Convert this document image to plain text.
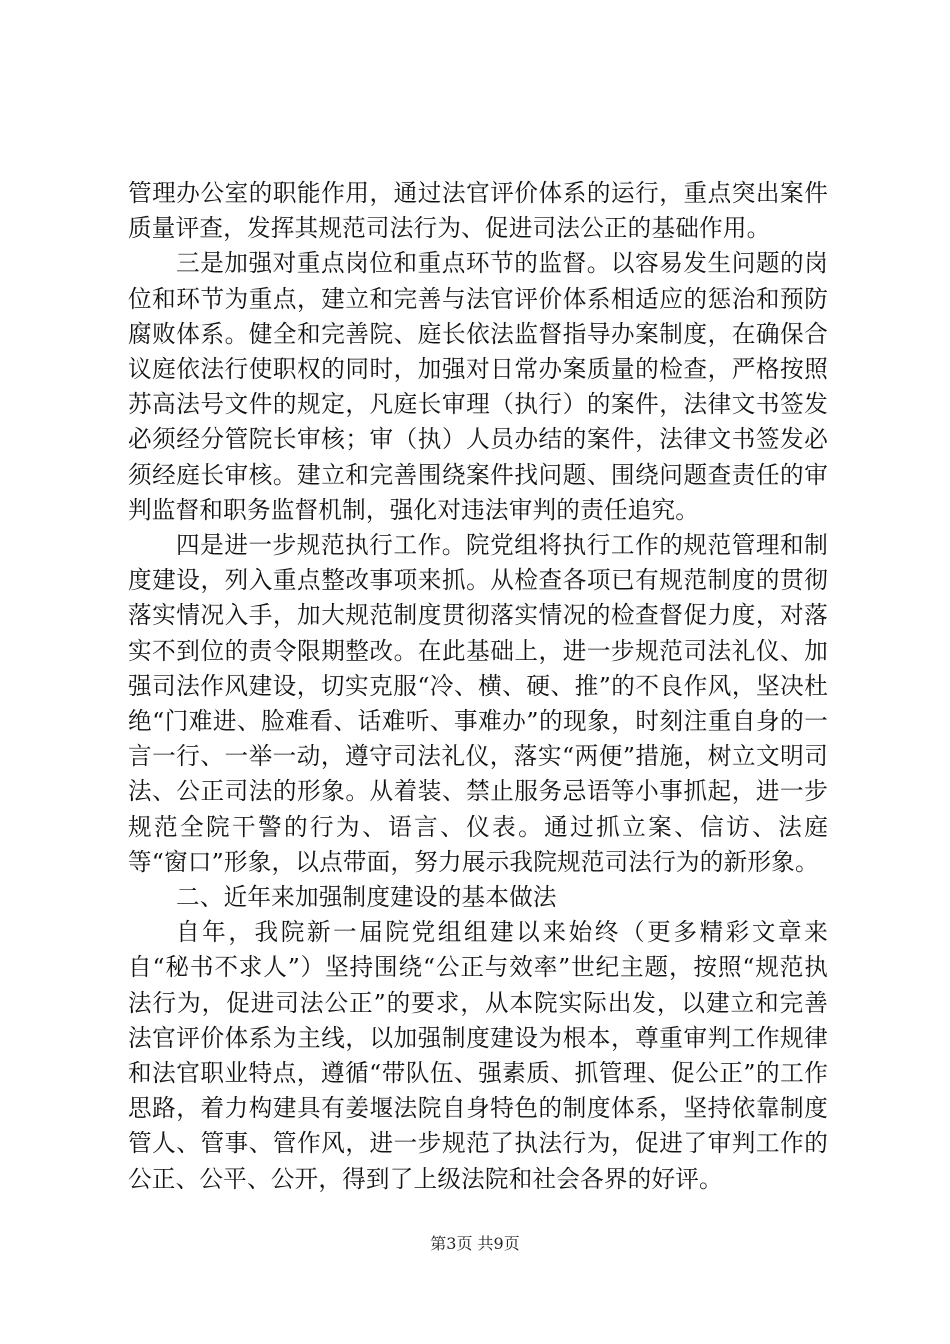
管理办公室的职能作用，通过法官评价体系的运行，重点突出案件质量评查，发挥其规范司法行为、促进司法公正的基础作用。

三是加强对重点岗位和重点环节的监督。以容易发生问题的岗位和环节为重点，建立和完善与法官评价体系相适应的惩治和预防腐败体系。健全和完善院、庭长依法监督指导办案制度，在确保合议庭依法行使职权的同时，加强对日常办案质量的检查，严格按照苏高法号文件的规定，凡庭长审理（执行）的案件，法律文书签发必须经分管院长审核；审（执）人员办结的案件，法律文书签发必须经庭长审核。建立和完善围绕案件找问题、围绕问题查责任的审判监督和职务监督机制，强化对违法审判的责任追究。

四是进一步规范执行工作。院党组将执行工作的规范管理和制度建设，列入重点整改事项来抓。从检查各项已有规范制度的贯彻落实情况入手，加大规范制度贯彻落实情况的检查督促力度，对落实不到位的责令限期整改。在此基础上，进一步规范司法礼仪、加强司法作风建设，切实克服“冷、横、硬、推”的不良作风，坚决杜绝“门难进、脸难看、话难听、事难办”的现象，时刻注重自身的一言一行、一举一动，遵守司法礼仪，落实“两便”措施，树立文明司法、公正司法的形象。从着装、禁止服务忌语等小事抓起，进一步规范全院干警的行为、语言、仪表。通过抓立案、信访、法庭等“窗口”形象，以点带面，努力展示我院规范司法行为的新形象。

二、近年来加强制度建设的基本做法

自年，我院新一届院党组组建以来始终（更多精彩文章来自“秘书不求人”）坚持围绕“公正与效率”世纪主题，按照“规范执法行为，促进司法公正”的要求，从本院实际出发，以建立和完善法官评价体系为主线，以加强制度建设为根本，尊重审判工作规律和法官职业特点，遵循“带队伍、强素质、抓管理、促公正”的工作思路，着力构建具有姜堰法院自身特色的制度体系，坚持依靠制度管人、管事、管作风，进一步规范了执法行为，促进了审判工作的公正、公平、公开，得到了上级法院和社会各界的好评。

第3页 共9页
